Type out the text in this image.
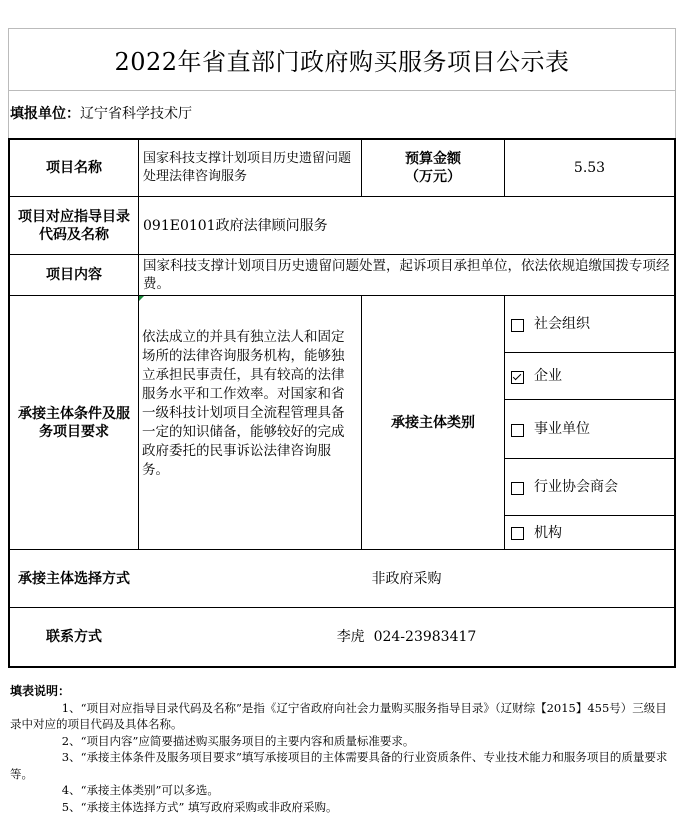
2022年省直部门政府购买服务项目公示表
填报单位： 辽宁省科学技术厅
项目名称
国家科技支撑计划项目历史遗留问题处理法律咨询服务
预算金额
（万元）
5.53
项目对应指导目录代码及名称
091E0101政府法律顾问服务
项目内容
国家科技支撑计划项目历史遗留问题处置，起诉项目承担单位，依法依规追缴国拨专项经费。
承接主体条件及服务项目要求
依法成立的并具有独立法人和固定场所的法律咨询服务机构，能够独立承担民事责任，具有较高的法律服务水平和工作效率。对国家和省一级科技计划项目全流程管理具备一定的知识储备，能够较好的完成政府委托的民事诉讼法律咨询服务。
承接主体类别
社会组织
企业
事业单位
行业协会商会
机构
承接主体选择方式	非政府采购
联系方式	李虎  024-23983417

填表说明：

1、“项目对应指导目录代码及名称”是指《辽宁省政府向社会力量购买服务指导目录》（辽财综【2015】455号）三级目录中对应的项目代码及具体名称。

2、“项目内容”应简要描述购买服务项目的主要内容和质量标准要求。

3、“承接主体条件及服务项目要求”填写承接项目的主体需要具备的行业资质条件、专业技术能力和服务项目的质量要求等。

4、“承接主体类别”可以多选。

5、“承接主体选择方式” 填写政府采购或非政府采购。
